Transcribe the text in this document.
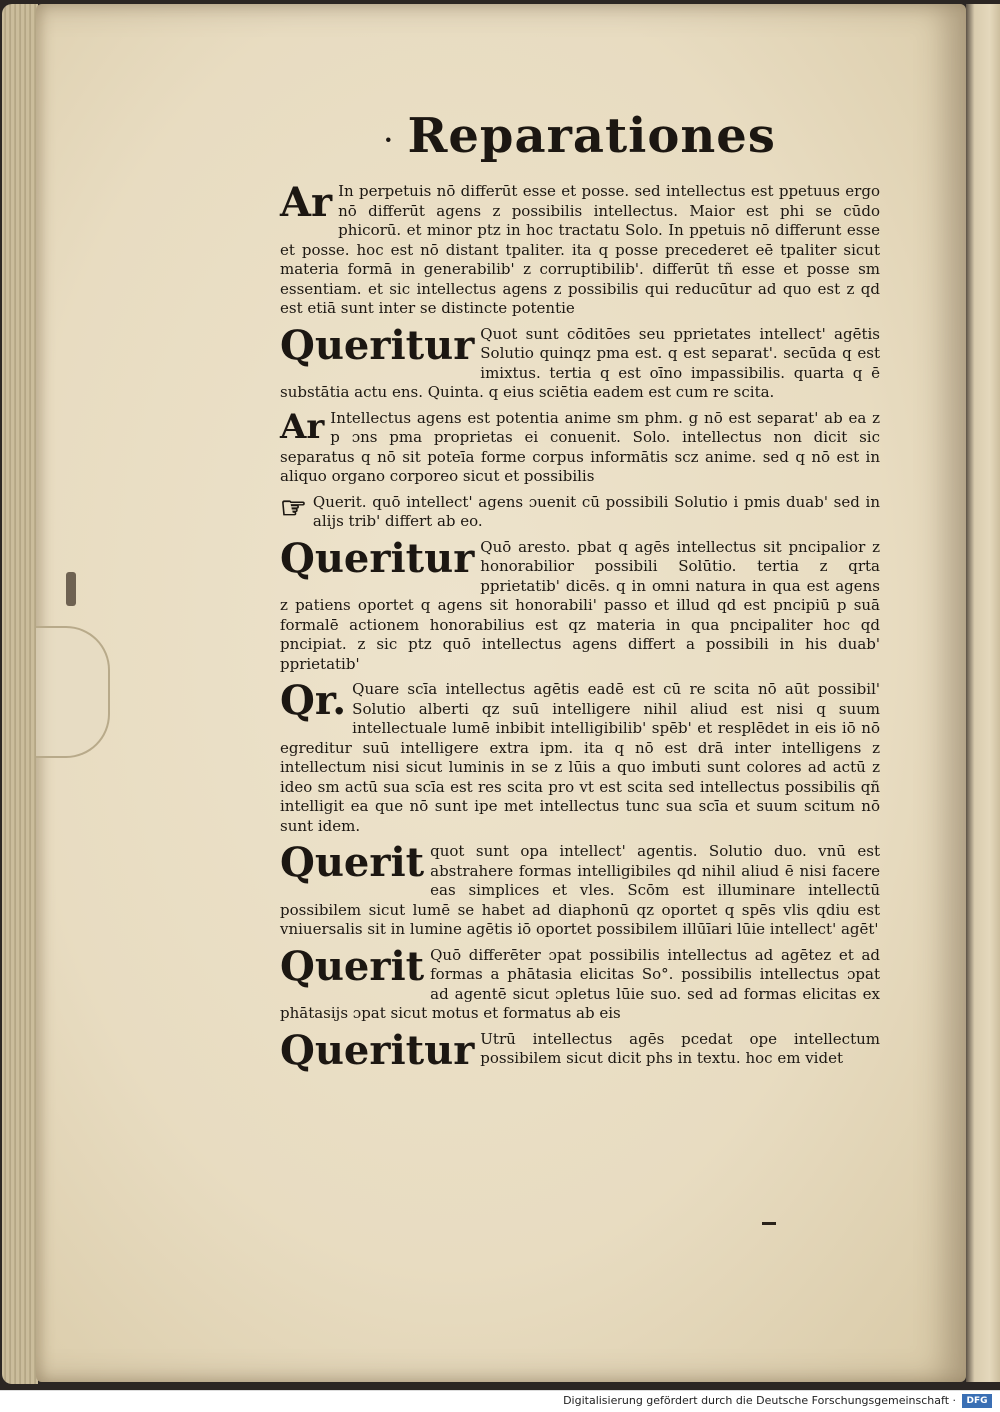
· Reparationes

Ar In perpetuis nō differūt esse et posse. sed intellectus est ppetuus ergo nō differūt agens z possibilis intellectus. Maior est phi se cūdo phicorū. et minor ptz in hoc tractatu Solo. In ppetuis nō differunt esse et posse. hoc est nō distant tpaliter. ita q posse precederet eē tpaliter sicut materia formā in generabilib' z corruptibilib'. differūt tñ esse et posse sm essentiam. et sic intellectus agens z possibilis qui reducūtur ad quo est z qd est etiā sunt inter se distincte potentie

Queritur Quot sunt cōditōes seu pprietates intellect' agētis Solutio quinqz pma est. q est separat'. secūda q est imixtus. tertia q est oīno impassibilis. quarta q ē substātia actu ens. Quinta. q eius sciētia eadem est cum re scita.

Ar Intellectus agens est potentia anime sm phm. g nō est separat' ab ea z p ɔns pma proprietas ei conuenit. Solo. intellectus non dicit sic separatus q nō sit poteīa forme corpus informātis scz anime. sed q nō est in aliquo organo corporeo sicut et possibilis

☞ Querit. quō intellect' agens ɔuenit cū possibili Solutio i pmis duab' sed in alijs trib' differt ab eo.

Queritur Quō aresto. pbat q agēs intellectus sit pncipalior z honorabilior possibili Solūtio. tertia z qrta pprietatib' dicēs. q in omni natura in qua est agens z patiens oportet q agens sit honorabili' passo et illud qd est pncipiū p suā formalē actionem honorabilius est qz materia in qua pncipaliter hoc qd pncipiat. z sic ptz quō intellectus agens differt a possibili in his duab' pprietatib'

Qr. Quare scīa intellectus agētis eadē est cū re scita nō aūt possibil' Solutio alberti qz suū intelligere nihil aliud est nisi q suum intellectuale lumē inbibit intelligibilib' spēb' et resplēdet in eis iō nō egreditur suū intelligere extra ipm. ita q nō est drā inter intelligens z intellectum nisi sicut luminis in se z lūis a quo imbuti sunt colores ad actū z ideo sm actū sua scīa est res scita pro vt est scita sed intellectus possibilis qñ intelligit ea que nō sunt ipe met intellectus tunc sua scīa et suum scitum nō sunt idem.

Querit quot sunt opa intellect' agentis. Solutio duo. vnū est abstrahere formas intelligibiles qd nihil aliud ē nisi facere eas simplices et vles. Scōm est illuminare intellectū possibilem sicut lumē se habet ad diaphonū qz oportet q spēs vlis qdiu est vniuersalis sit in lumine agētis iō oportet possibilem illūīari lūie intellect' agēt'

Querit Quō differēter ɔpat possibilis intellectus ad agētez et ad formas a phātasia elicitas So°. possibilis intellectus ɔpat ad agentē sicut ɔpletus lūie suo. sed ad formas elicitas ex phātasijs ɔpat sicut motus et formatus ab eis

Queritur Utrū intellectus agēs pcedat ope intellectum possibilem sicut dicit phs in textu. hoc em videt

Digitalisierung gefördert durch die Deutsche Forschungsgemeinschaft ·	DFG
